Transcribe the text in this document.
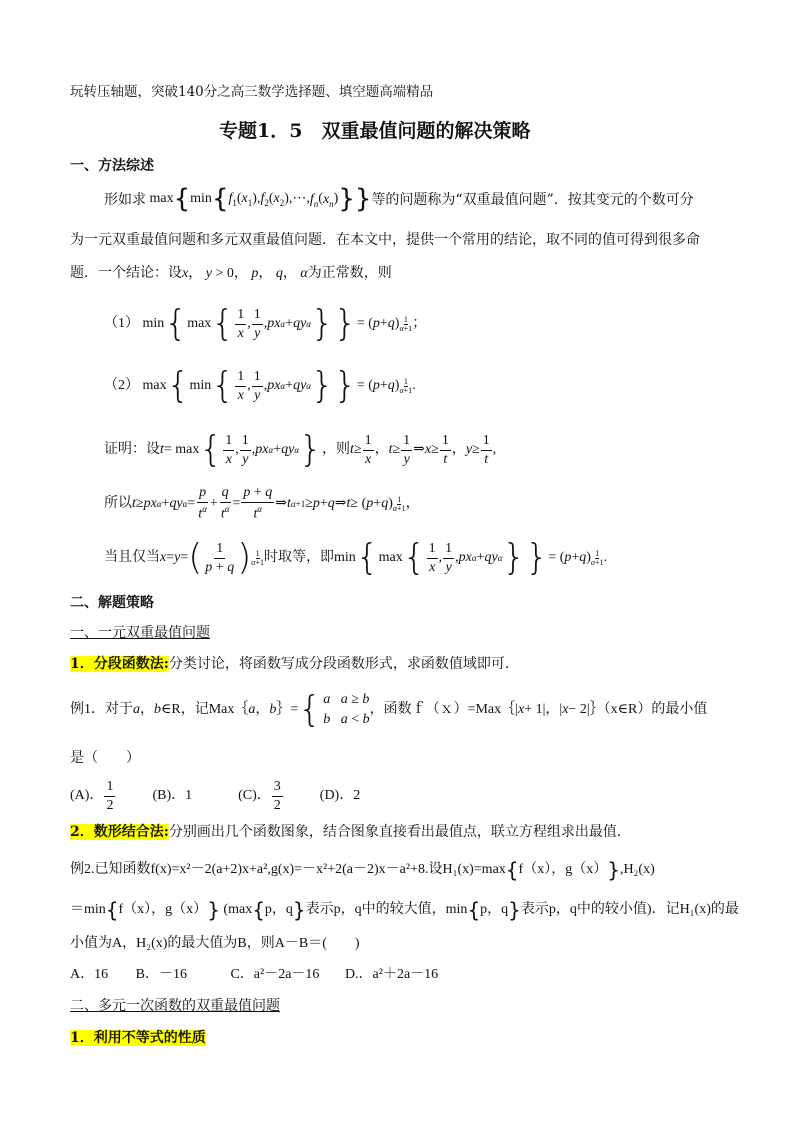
玩转压轴题，突破140分之高三数学选择题、填空题高端精品
专题1．5　双重最值问题的解决策略
一、方法综述
形如求 $\max\{\min\{f_1(x_1),f_2(x_2),\cdots,f_n(x_n)\}\}$ 等的问题称为“双重最值问题”．按其变元的个数可分
为一元双重最值问题和多元双重最值问题．在本文中，提供一个常用的结论，取不同的值可得到很多命
题．一个结论：设x， y > 0， p， q， α为正常数，则
（1） min { max { $\frac{1}{x}$ , $\frac{1}{y}$ , px α + qy α }} = ( p + q ) 1
α+1 ；
（2） max { min { $\frac{1}{x}$ , $\frac{1}{y}$ , px α + qy α }} = ( p + q ) 1
α+1 .
证明：设 t = max { $\frac{1}{x}$ , $\frac{1}{y}$ , px α + qy α } ，则 $t \ge \frac{1}{x}$ ， $t \ge \frac{1}{y}$ ⇒ $x \ge \frac{1}{t}$ ， $y \ge \frac{1}{t}$ ,
所以 t ≥ px α + qy $\alpha = \frac{p}{t^\alpha} + \frac{q}{t^\alpha} = \frac{p + q}{t^\alpha}$ ⇒ t α+1 ≥ p + q ⇒ t ≥ ( p + q ) 1
α+1 ，
当且仅当 x = y = ( $\frac{1}{p + q}$ ) 1
α+1 时取等，即 min { max { $\frac{1}{x}$ , $\frac{1}{y}$ , px α + qy α }} = ( p + q ) 1
α+1 .
二、解题策略
一、一元双重最值问题
1．分段函数法:分类讨论，将函数写成分段函数形式，求函数值域即可．
例1．对于 a ， b ∈R ，记Max｛ a ， b ｝= { a a ≥ b
b a < b
，函数ｆ（ｘ）=Max｛ | x + 1|，| x − 2| ｝（x∈R）的最小值
是（　　）
(A)． $\frac{1}{2}$	(B)．1	(C)． $\frac{3}{2}$	(D)．2
2．数形结合法:分别画出几个函数图象，结合图象直接看出最值点，联立方程组求出最值．
例2.已知函数f(x)=x²－2(a+2)x+a²,g(x)=－x²+2(a－2)x－a²+8.设H₁(x)=max { f（x），g（x） } ,H₂(x)
＝min { f（x），g（x） }
(max { p，q } 表示p，q中的较大值，min { p，q } 表示p，q中的较小值)．记H₁(x)的最
小值为A，H₂(x)的最大值为B，则A－B＝(　　)
A．16 B．－16	C．a²－2a－16 D.．a²＋2a－16
二、多元一次函数的双重最值问题
1．利用不等式的性质
